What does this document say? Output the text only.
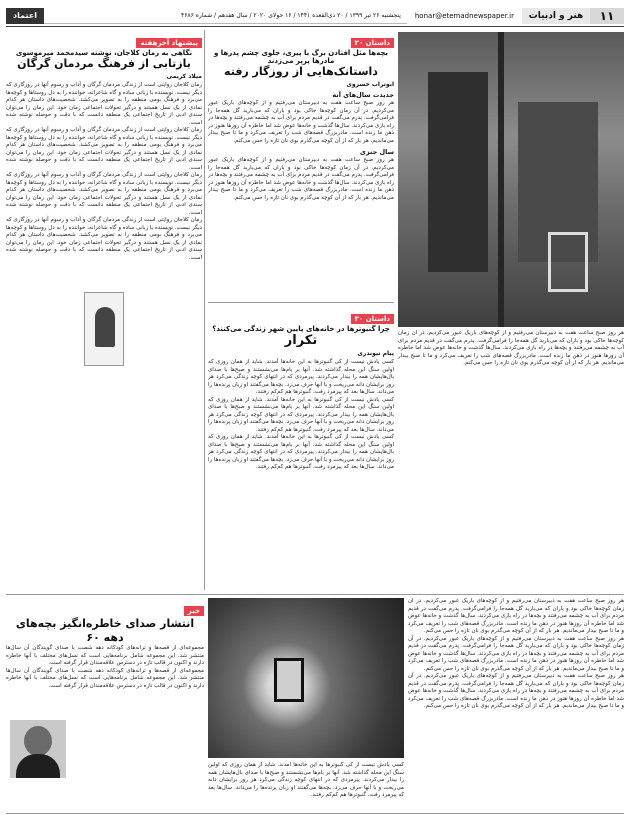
۱۱
هنر و ادبیات
honar@etemadnewspaper.ir
پنجشنبه ۲۶ تیر ۱۳۹۹ / ۲۰ ذی‌القعده ۱۴۴۱ / ۱۶ جولای ۲۰۲۰ / سال هفدهم / شماره ۴۶۸۶
اعتماد

هر روز صبح ساعت هفت به دبیرستان می‌رفتیم و از کوچه‌های باریک عبور می‌کردیم. در آن زمان کوچه‌ها خاکی بود و باران که می‌بارید گل همه‌جا را فرامی‌گرفت. پدرم می‌گفت در قدیم مردم برای آب به چشمه می‌رفتند و بچه‌ها در راه بازی می‌کردند. سال‌ها گذشت و خانه‌ها عوض شد اما خاطره آن روزها هنوز در ذهن ما زنده است. مادربزرگ قصه‌های شب را تعریف می‌کرد و ما تا صبح بیدار می‌ماندیم. هر بار که از آن کوچه می‌گذرم بوی نان تازه را حس می‌کنم.

داستان ۳۰
بچه‌ها مثل افتادن برگ با پیری، جلوی چشم پدرها و مادرها پرپر می‌زدند
داستانک‌هایی از روزگار رفته
ابوتراب خسروی
جدیدت سال‌های آنه

هر روز صبح ساعت هفت به دبیرستان می‌رفتیم و از کوچه‌های باریک عبور می‌کردیم. در آن زمان کوچه‌ها خاکی بود و باران که می‌بارید گل همه‌جا را فرامی‌گرفت. پدرم می‌گفت در قدیم مردم برای آب به چشمه می‌رفتند و بچه‌ها در راه بازی می‌کردند. سال‌ها گذشت و خانه‌ها عوض شد اما خاطره آن روزها هنوز در ذهن ما زنده است. مادربزرگ قصه‌های شب را تعریف می‌کرد و ما تا صبح بیدار می‌ماندیم. هر بار که از آن کوچه می‌گذرم بوی نان تازه را حس می‌کنم.

سال جنزی

هر روز صبح ساعت هفت به دبیرستان می‌رفتیم و از کوچه‌های باریک عبور می‌کردیم. در آن زمان کوچه‌ها خاکی بود و باران که می‌بارید گل همه‌جا را فرامی‌گرفت. پدرم می‌گفت در قدیم مردم برای آب به چشمه می‌رفتند و بچه‌ها در راه بازی می‌کردند. سال‌ها گذشت و خانه‌ها عوض شد اما خاطره آن روزها هنوز در ذهن ما زنده است. مادربزرگ قصه‌های شب را تعریف می‌کرد و ما تا صبح بیدار می‌ماندیم. هر بار که از آن کوچه می‌گذرم بوی نان تازه را حس می‌کنم.

داستان ۳۰
چرا گنبوترها در خانه‌های پایین شهر زندگی می‌کنند؟
تکرار
پیام نیوندری

کسی یادش نیست از کی گنبوترها به این خانه‌ها آمدند. شاید از همان روزی که اولین سنگ این محله گذاشته شد. آنها بر بام‌ها می‌نشستند و صبح‌ها با صدای بال‌هایشان همه را بیدار می‌کردند. پیرمردی که در انتهای کوچه زندگی می‌کرد هر روز برایشان دانه می‌ریخت و با آنها حرف می‌زد. بچه‌ها می‌گفتند او زبان پرنده‌ها را می‌داند. سال‌ها بعد که پیرمرد رفت، گنبوترها هم کم‌کم رفتند.

کسی یادش نیست از کی گنبوترها به این خانه‌ها آمدند. شاید از همان روزی که اولین سنگ این محله گذاشته شد. آنها بر بام‌ها می‌نشستند و صبح‌ها با صدای بال‌هایشان همه را بیدار می‌کردند. پیرمردی که در انتهای کوچه زندگی می‌کرد هر روز برایشان دانه می‌ریخت و با آنها حرف می‌زد. بچه‌ها می‌گفتند او زبان پرنده‌ها را می‌داند. سال‌ها بعد که پیرمرد رفت، گنبوترها هم کم‌کم رفتند.

کسی یادش نیست از کی گنبوترها به این خانه‌ها آمدند. شاید از همان روزی که اولین سنگ این محله گذاشته شد. آنها بر بام‌ها می‌نشستند و صبح‌ها با صدای بال‌هایشان همه را بیدار می‌کردند. پیرمردی که در انتهای کوچه زندگی می‌کرد هر روز برایشان دانه می‌ریخت و با آنها حرف می‌زد. بچه‌ها می‌گفتند او زبان پرنده‌ها را می‌داند. سال‌ها بعد که پیرمرد رفت، گنبوترها هم کم‌کم رفتند.

پیشنهاد آخرهفته
نگاهی به رمان کلاجان، نوشته سیدمحمد میرموسوی
بازتابی از فرهنگ مردمان گرگان
میلاد کریمی

رمان کلاجان روایتی است از زندگی مردمان گرگان و آداب و رسوم آنها در روزگاری که دیگر نیست. نویسنده با زبانی ساده و گاه شاعرانه، خواننده را به دل روستاها و کوچه‌ها می‌برد و فرهنگ بومی منطقه را به تصویر می‌کشد. شخصیت‌های داستان هر کدام نمادی از یک نسل هستند و درگیر تحولات اجتماعی زمان خود. این رمان را می‌توان سندی ادبی از تاریخ اجتماعی یک منطقه دانست که با دقت و حوصله نوشته شده است.

رمان کلاجان روایتی است از زندگی مردمان گرگان و آداب و رسوم آنها در روزگاری که دیگر نیست. نویسنده با زبانی ساده و گاه شاعرانه، خواننده را به دل روستاها و کوچه‌ها می‌برد و فرهنگ بومی منطقه را به تصویر می‌کشد. شخصیت‌های داستان هر کدام نمادی از یک نسل هستند و درگیر تحولات اجتماعی زمان خود. این رمان را می‌توان سندی ادبی از تاریخ اجتماعی یک منطقه دانست که با دقت و حوصله نوشته شده است.

رمان کلاجان روایتی است از زندگی مردمان گرگان و آداب و رسوم آنها در روزگاری که دیگر نیست. نویسنده با زبانی ساده و گاه شاعرانه، خواننده را به دل روستاها و کوچه‌ها می‌برد و فرهنگ بومی منطقه را به تصویر می‌کشد. شخصیت‌های داستان هر کدام نمادی از یک نسل هستند و درگیر تحولات اجتماعی زمان خود. این رمان را می‌توان سندی ادبی از تاریخ اجتماعی یک منطقه دانست که با دقت و حوصله نوشته شده است.

رمان کلاجان روایتی است از زندگی مردمان گرگان و آداب و رسوم آنها در روزگاری که دیگر نیست. نویسنده با زبانی ساده و گاه شاعرانه، خواننده را به دل روستاها و کوچه‌ها می‌برد و فرهنگ بومی منطقه را به تصویر می‌کشد. شخصیت‌های داستان هر کدام نمادی از یک نسل هستند و درگیر تحولات اجتماعی زمان خود. این رمان را می‌توان سندی ادبی از تاریخ اجتماعی یک منطقه دانست که با دقت و حوصله نوشته شده است.

خبر
انتشار صدای خاطره‌انگیز بچه‌های دهه ۶۰

مجموعه‌ای از قصه‌ها و ترانه‌های کودکانه دهه شصت با صدای گویندگان آن سال‌ها منتشر شد. این مجموعه شامل برنامه‌هایی است که نسل‌های مختلف با آنها خاطره دارند و اکنون در قالب تازه در دسترس علاقه‌مندان قرار گرفته است.

مجموعه‌ای از قصه‌ها و ترانه‌های کودکانه دهه شصت با صدای گویندگان آن سال‌ها منتشر شد. این مجموعه شامل برنامه‌هایی است که نسل‌های مختلف با آنها خاطره دارند و اکنون در قالب تازه در دسترس علاقه‌مندان قرار گرفته است.

کسی یادش نیست از کی گنبوترها به این خانه‌ها آمدند. شاید از همان روزی که اولین سنگ این محله گذاشته شد. آنها بر بام‌ها می‌نشستند و صبح‌ها با صدای بال‌هایشان همه را بیدار می‌کردند. پیرمردی که در انتهای کوچه زندگی می‌کرد هر روز برایشان دانه می‌ریخت و با آنها حرف می‌زد. بچه‌ها می‌گفتند او زبان پرنده‌ها را می‌داند. سال‌ها بعد که پیرمرد رفت، گنبوترها هم کم‌کم رفتند.

هر روز صبح ساعت هفت به دبیرستان می‌رفتیم و از کوچه‌های باریک عبور می‌کردیم. در آن زمان کوچه‌ها خاکی بود و باران که می‌بارید گل همه‌جا را فرامی‌گرفت. پدرم می‌گفت در قدیم مردم برای آب به چشمه می‌رفتند و بچه‌ها در راه بازی می‌کردند. سال‌ها گذشت و خانه‌ها عوض شد اما خاطره آن روزها هنوز در ذهن ما زنده است. مادربزرگ قصه‌های شب را تعریف می‌کرد و ما تا صبح بیدار می‌ماندیم. هر بار که از آن کوچه می‌گذرم بوی نان تازه را حس می‌کنم.

هر روز صبح ساعت هفت به دبیرستان می‌رفتیم و از کوچه‌های باریک عبور می‌کردیم. در آن زمان کوچه‌ها خاکی بود و باران که می‌بارید گل همه‌جا را فرامی‌گرفت. پدرم می‌گفت در قدیم مردم برای آب به چشمه می‌رفتند و بچه‌ها در راه بازی می‌کردند. سال‌ها گذشت و خانه‌ها عوض شد اما خاطره آن روزها هنوز در ذهن ما زنده است. مادربزرگ قصه‌های شب را تعریف می‌کرد و ما تا صبح بیدار می‌ماندیم. هر بار که از آن کوچه می‌گذرم بوی نان تازه را حس می‌کنم.

هر روز صبح ساعت هفت به دبیرستان می‌رفتیم و از کوچه‌های باریک عبور می‌کردیم. در آن زمان کوچه‌ها خاکی بود و باران که می‌بارید گل همه‌جا را فرامی‌گرفت. پدرم می‌گفت در قدیم مردم برای آب به چشمه می‌رفتند و بچه‌ها در راه بازی می‌کردند. سال‌ها گذشت و خانه‌ها عوض شد اما خاطره آن روزها هنوز در ذهن ما زنده است. مادربزرگ قصه‌های شب را تعریف می‌کرد و ما تا صبح بیدار می‌ماندیم. هر بار که از آن کوچه می‌گذرم بوی نان تازه را حس می‌کنم.
